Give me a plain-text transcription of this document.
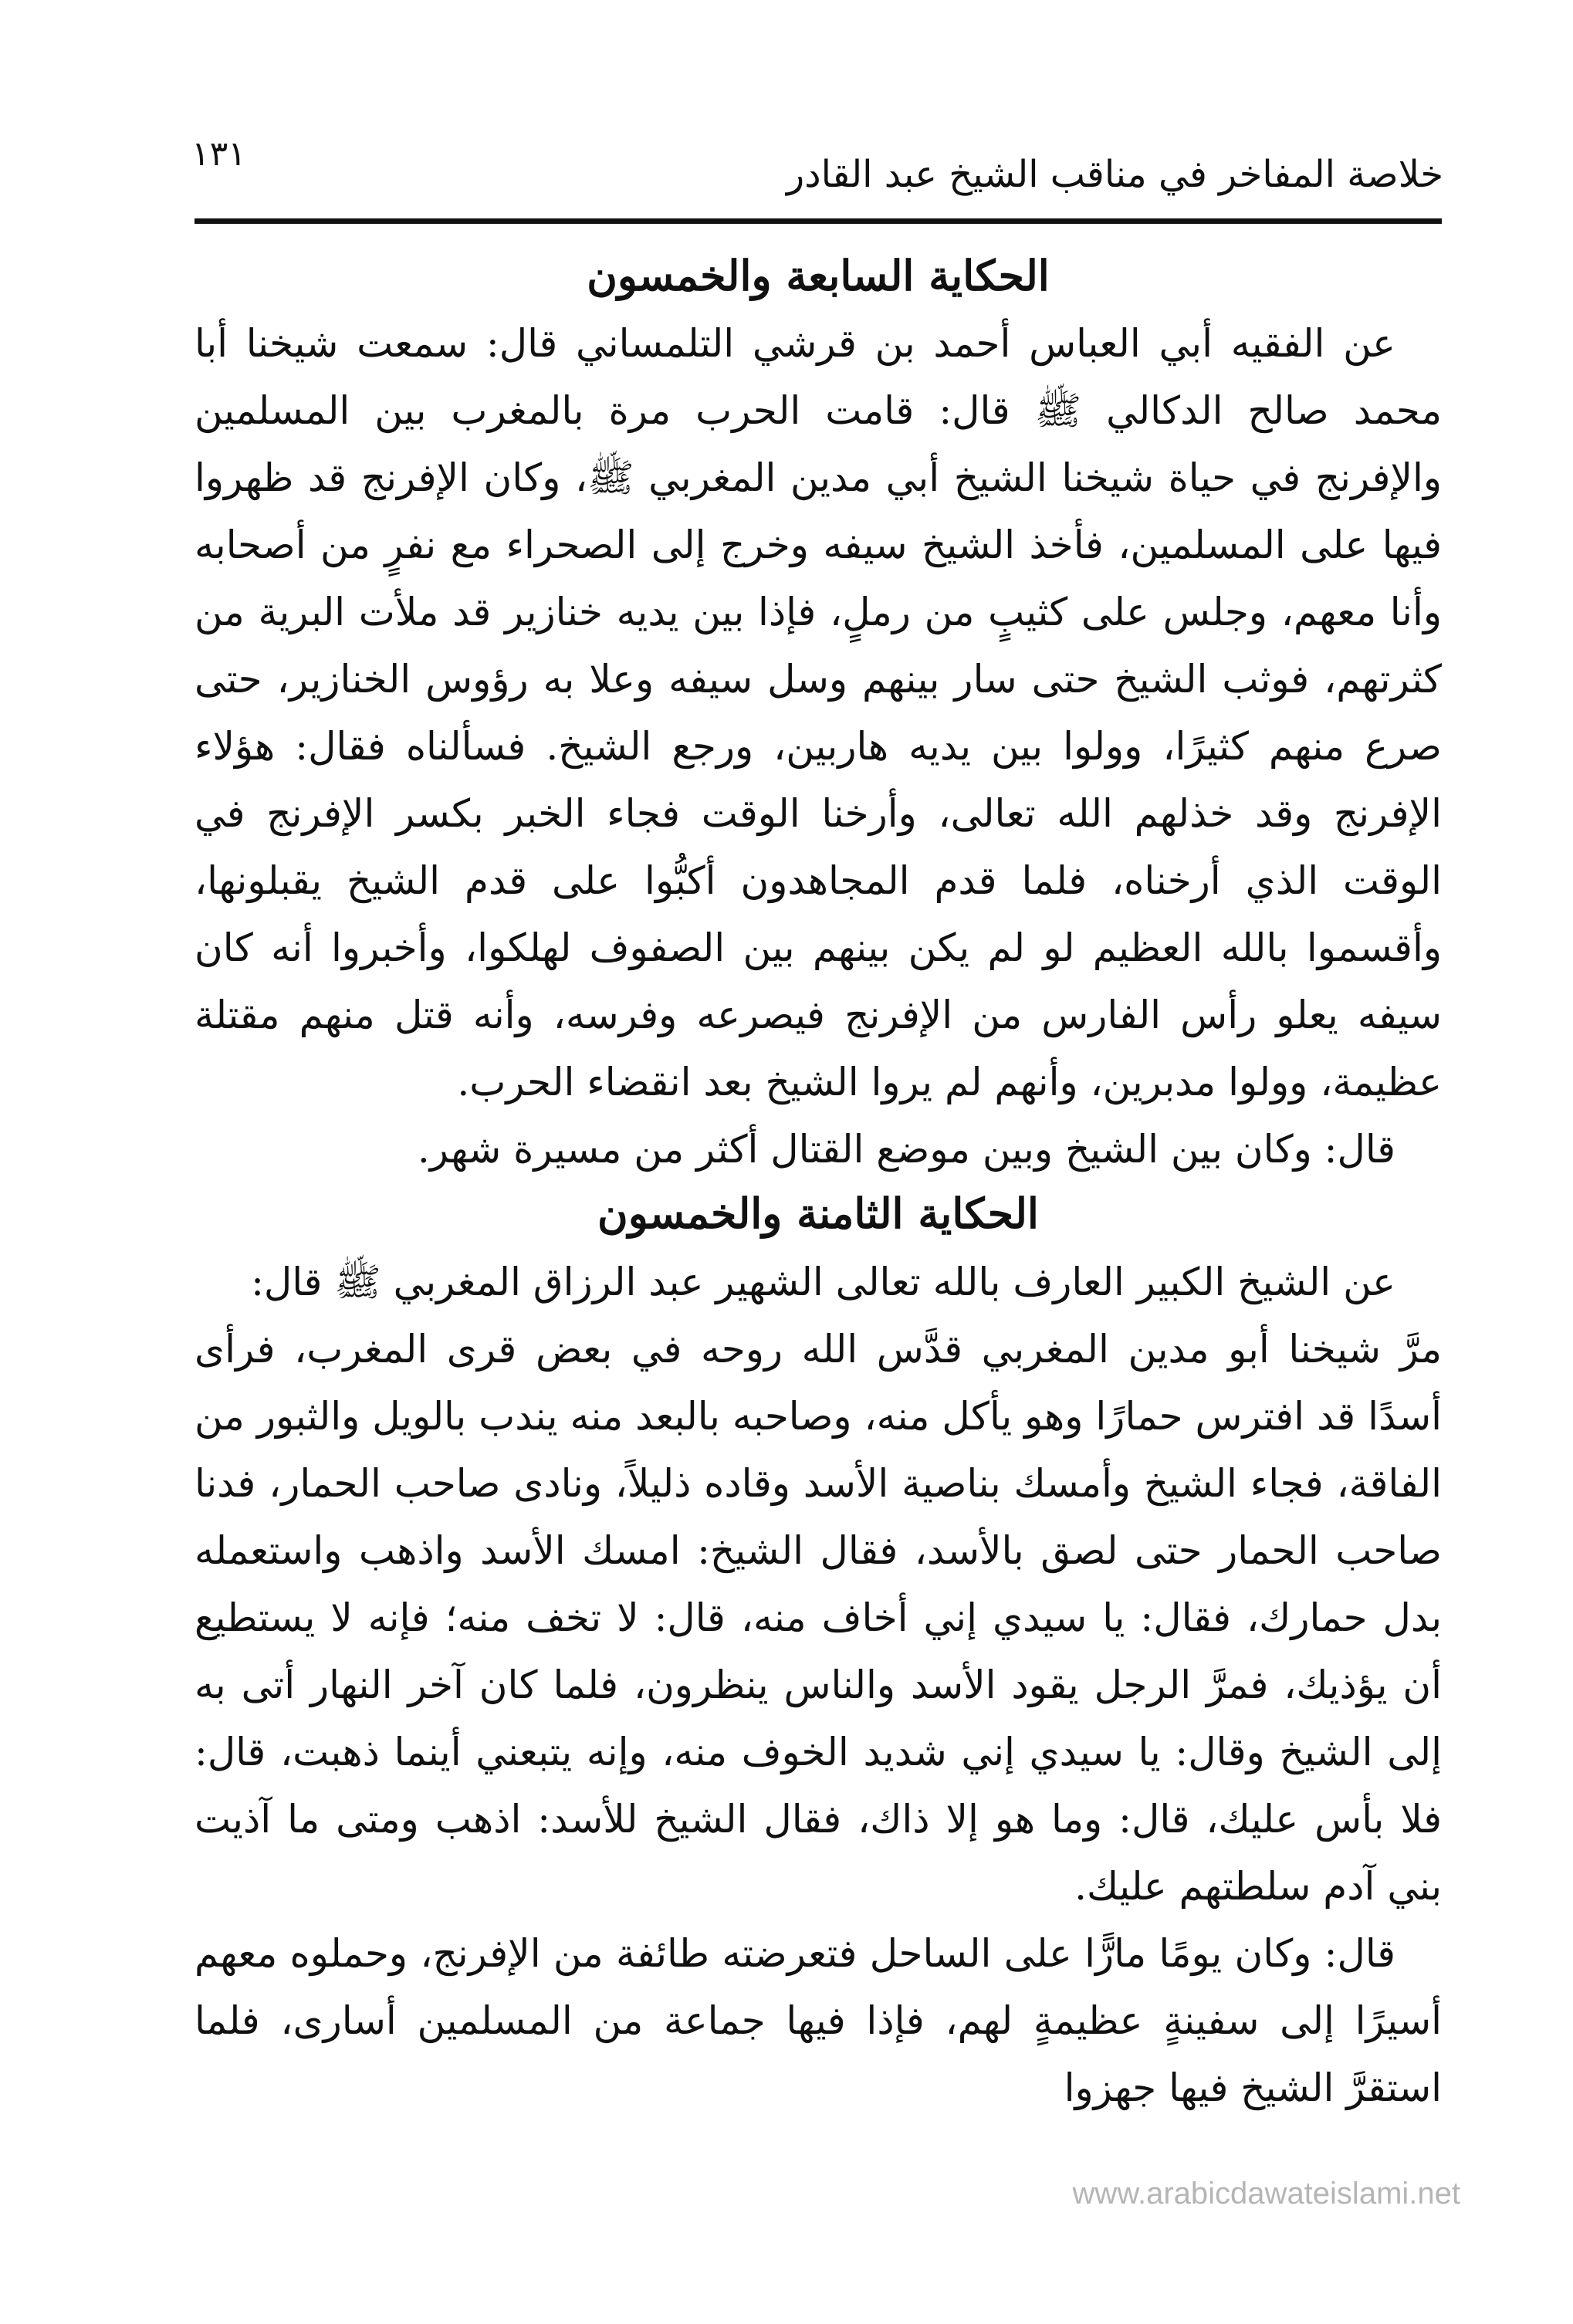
١٣١	خلاصة المفاخر في مناقب الشيخ عبد القادر
الحكاية السابعة والخمسون

عن الفقيه أبي العباس أحمد بن قرشي التلمساني قال: سمعت شيخنا أبا محمد صالح الدكالي ﷺ قال: قامت الحرب مرة بالمغرب بين المسلمين والإفرنج في حياة شيخنا الشيخ أبي مدين المغربي ﷺ، وكان الإفرنج قد ظهروا فيها على المسلمين، فأخذ الشيخ سيفه وخرج إلى الصحراء مع نفرٍ من أصحابه وأنا معهم، وجلس على كثيبٍ من رملٍ، فإذا بين يديه خنازير قد ملأت البرية من كثرتهم، فوثب الشيخ حتى سار بينهم وسل سيفه وعلا به رؤوس الخنازير، حتى صرع منهم كثيرًا، وولوا بين يديه هاربين، ورجع الشيخ. فسألناه فقال: هؤلاء الإفرنج وقد خذلهم الله تعالى، وأرخنا الوقت فجاء الخبر بكسر الإفرنج في الوقت الذي أرخناه، فلما قدم المجاهدون أكبُّوا على قدم الشيخ يقبلونها، وأقسموا بالله العظيم لو لم يكن بينهم بين الصفوف لهلكوا، وأخبروا أنه كان سيفه يعلو رأس الفارس من الإفرنج فيصرعه وفرسه، وأنه قتل منهم مقتلة عظيمة، وولوا مدبرين، وأنهم لم يروا الشيخ بعد انقضاء الحرب.

قال: وكان بين الشيخ وبين موضع القتال أكثر من مسيرة شهر.

الحكاية الثامنة والخمسون

عن الشيخ الكبير العارف بالله تعالى الشهير عبد الرزاق المغربي ﷺ قال:

مرَّ شيخنا أبو مدين المغربي قدَّس الله روحه في بعض قرى المغرب، فرأى أسدًا قد افترس حمارًا وهو يأكل منه، وصاحبه بالبعد منه يندب بالويل والثبور من الفاقة، فجاء الشيخ وأمسك بناصية الأسد وقاده ذليلاً، ونادى صاحب الحمار، فدنا صاحب الحمار حتى لصق بالأسد، فقال الشيخ: امسك الأسد واذهب واستعمله بدل حمارك، فقال: يا سيدي إني أخاف منه، قال: لا تخف منه؛ فإنه لا يستطيع أن يؤذيك، فمرَّ الرجل يقود الأسد والناس ينظرون، فلما كان آخر النهار أتى به إلى الشيخ وقال: يا سيدي إني شديد الخوف منه، وإنه يتبعني أينما ذهبت، قال: فلا بأس عليك، قال: وما هو إلا ذاك، فقال الشيخ للأسد: اذهب ومتى ما آذيت بني آدم سلطتهم عليك.

قال: وكان يومًا مارًّا على الساحل فتعرضته طائفة من الإفرنج، وحملوه معهم أسيرًا إلى سفينةٍ عظيمةٍ لهم، فإذا فيها جماعة من المسلمين أسارى، فلما استقرَّ الشيخ فيها جهزوا

www.arabicdawateislami.net
